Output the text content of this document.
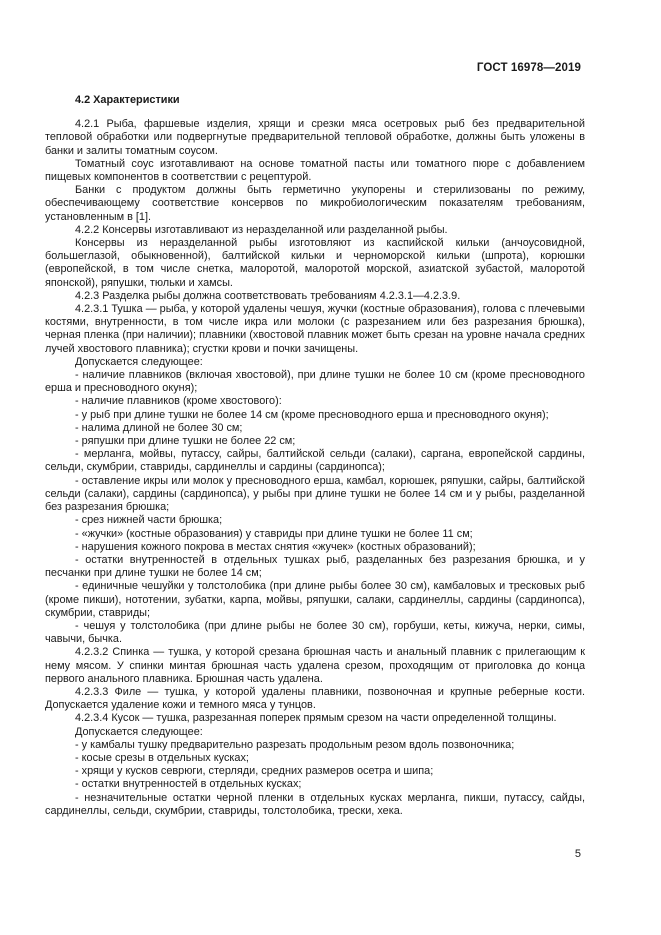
ГОСТ 16978—2019

4.2 Характеристики

4.2.1 Рыба, фаршевые изделия, хрящи и срезки мяса осетровых рыб без предварительной тепловой обработки или подвергнутые предварительной тепловой обработке, должны быть уложены в банки и залиты томатным соусом.

Томатный соус изготавливают на основе томатной пасты или томатного пюре с добавлением пищевых компонентов в соответствии с рецептурой.

Банки с продуктом должны быть герметично укупорены и стерилизованы по режиму, обеспечивающему соответствие консервов по микробиологическим показателям требованиям, установленным в [1].

4.2.2 Консервы изготавливают из неразделанной или разделанной рыбы.

Консервы из неразделанной рыбы изготовляют из каспийской кильки (анчоусовидной, большеглазой, обыкновенной), балтийской кильки и черноморской кильки (шпрота), корюшки (европейской, в том числе снетка, малоротой, малоротой морской, азиатской зубастой, малоротой японской), ряпушки, тюльки и хамсы.

4.2.3 Разделка рыбы должна соответствовать требованиям 4.2.3.1—4.2.3.9.

4.2.3.1 Тушка — рыба, у которой удалены чешуя, жучки (костные образования), голова с плечевыми костями, внутренности, в том числе икра или молоки (с разрезанием или без разрезания брюшка), черная пленка (при наличии); плавники (хвостовой плавник может быть срезан на уровне начала средних лучей хвостового плавника); сгустки крови и почки зачищены.

Допускается следующее:

- наличие плавников (включая хвостовой), при длине тушки не более 10 см (кроме пресноводного ерша и пресноводного окуня);

- наличие плавников (кроме хвостового):

- у рыб при длине тушки не более 14 см (кроме пресноводного ерша и пресноводного окуня);

- налима длиной не более 30 см;

- ряпушки при длине тушки не более 22 см;

- мерланга, мойвы, путассу, сайры, балтийской сельди (салаки), саргана, европейской сардины, сельди, скумбрии, ставриды, сардинеллы и сардины (сардинопса);

- оставление икры или молок у пресноводного ерша, камбал, корюшек, ряпушки, сайры, балтийской сельди (салаки), сардины (сардинопса), у рыбы при длине тушки не более 14 см и у рыбы, разделанной без разрезания брюшка;

- срез нижней части брюшка;

- «жучки» (костные образования) у ставриды при длине тушки не более 11 см;

- нарушения кожного покрова в местах снятия «жучек» (костных образований);

- остатки внутренностей в отдельных тушках рыб, разделанных без разрезания брюшка, и у песчанки при длине тушки не более 14 см;

- единичные чешуйки у толстолобика (при длине рыбы более 30 см), камбаловых и тресковых рыб (кроме пикши), нототении, зубатки, карпа, мойвы, ряпушки, салаки, сардинеллы, сардины (сардинопса), скумбрии, ставриды;

- чешуя у толстолобика (при длине рыбы не более 30 см), горбуши, кеты, кижуча, нерки, симы, чавычи, бычка.

4.2.3.2 Спинка — тушка, у которой срезана брюшная часть и анальный плавник с прилегающим к нему мясом. У спинки минтая брюшная часть удалена срезом, проходящим от приголовка до конца первого анального плавника. Брюшная часть удалена.

4.2.3.3 Филе — тушка, у которой удалены плавники, позвоночная и крупные реберные кости. Допускается удаление кожи и темного мяса у тунцов.

4.2.3.4 Кусок — тушка, разрезанная поперек прямым срезом на части определенной толщины.

Допускается следующее:

- у камбалы тушку предварительно разрезать продольным резом вдоль позвоночника;

- косые срезы в отдельных кусках;

- хрящи у кусков севрюги, стерляди, средних размеров осетра и шипа;

- остатки внутренностей в отдельных кусках;

- незначительные остатки черной пленки в отдельных кусках мерланга, пикши, путассу, сайды, сардинеллы, сельди, скумбрии, ставриды, толстолобика, трески, хека.

5
